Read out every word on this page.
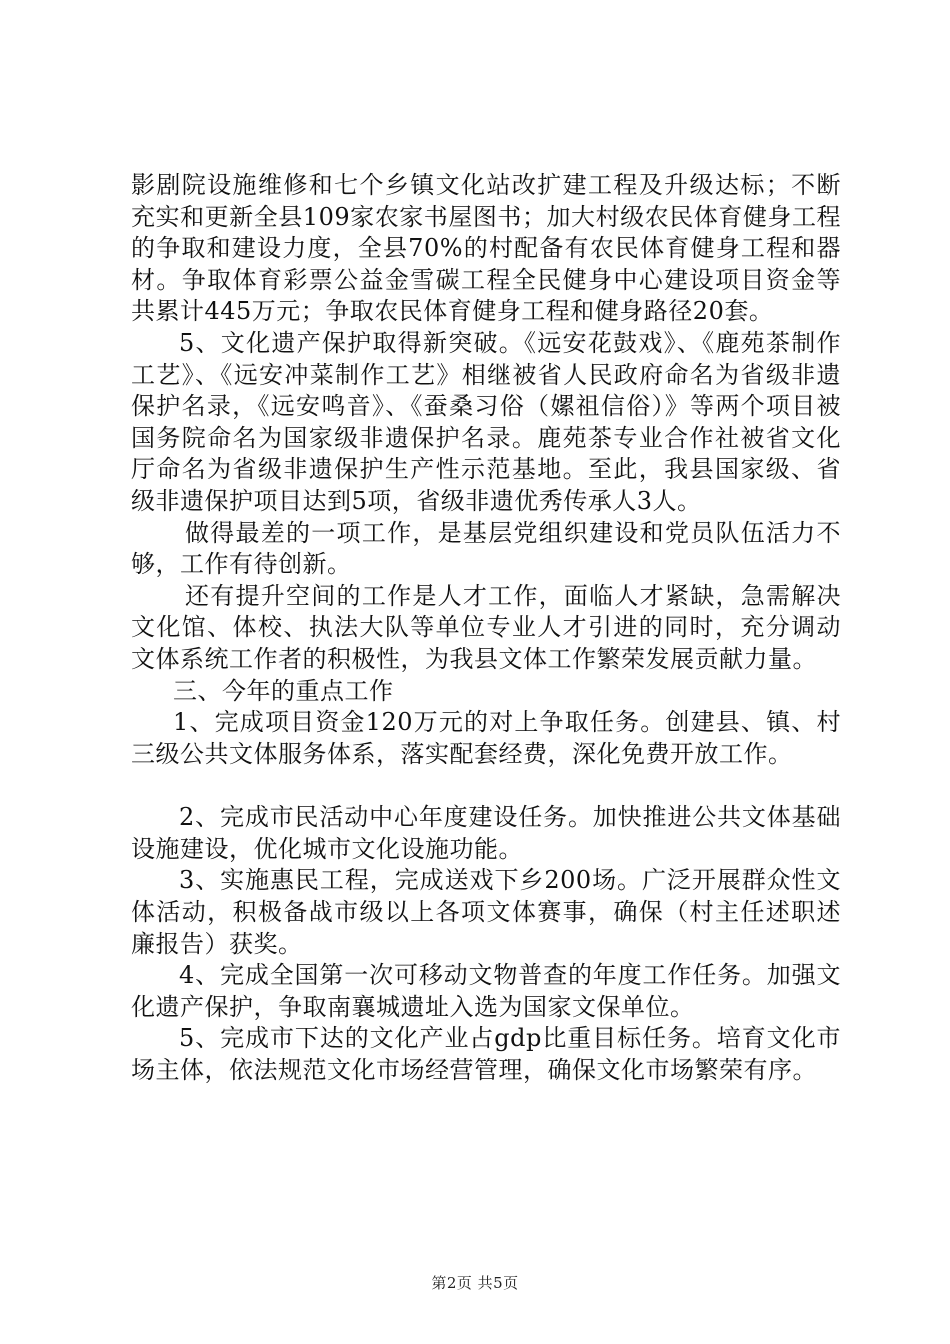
影剧院设施维修和七个乡镇文化站改扩建工程及升级达标；不断充实和更新全县109家农家书屋图书；加大村级农民体育健身工程的争取和建设力度，全县70%的村配备有农民体育健身工程和器材。争取体育彩票公益金雪碳工程全民健身中心建设项目资金等共累计445万元；争取农民体育健身工程和健身路径20套。

5、文化遗产保护取得新突破。《远安花鼓戏》、《鹿苑茶制作工艺》、《远安冲菜制作工艺》相继被省人民政府命名为省级非遗保护名录，《远安鸣音》、《蚕桑习俗（嫘祖信俗）》等两个项目被国务院命名为国家级非遗保护名录。鹿苑茶专业合作社被省文化厅命名为省级非遗保护生产性示范基地。至此，我县国家级、省级非遗保护项目达到5项，省级非遗优秀传承人3人。

做得最差的一项工作，是基层党组织建设和党员队伍活力不够，工作有待创新。

还有提升空间的工作是人才工作，面临人才紧缺，急需解决文化馆、体校、执法大队等单位专业人才引进的同时，充分调动文体系统工作者的积极性，为我县文体工作繁荣发展贡献力量。

三、今年的重点工作

1、完成项目资金120万元的对上争取任务。创建县、镇、村三级公共文体服务体系，落实配套经费，深化免费开放工作。

2、完成市民活动中心年度建设任务。加快推进公共文体基础设施建设，优化城市文化设施功能。

3、实施惠民工程，完成送戏下乡200场。广泛开展群众性文体活动，积极备战市级以上各项文体赛事，确保（村主任述职述廉报告）获奖。

4、完成全国第一次可移动文物普查的年度工作任务。加强文化遗产保护，争取南襄城遗址入选为国家文保单位。

5、完成市下达的文化产业占gdp比重目标任务。培育文化市场主体，依法规范文化市场经营管理，确保文化市场繁荣有序。

第2页 共5页
